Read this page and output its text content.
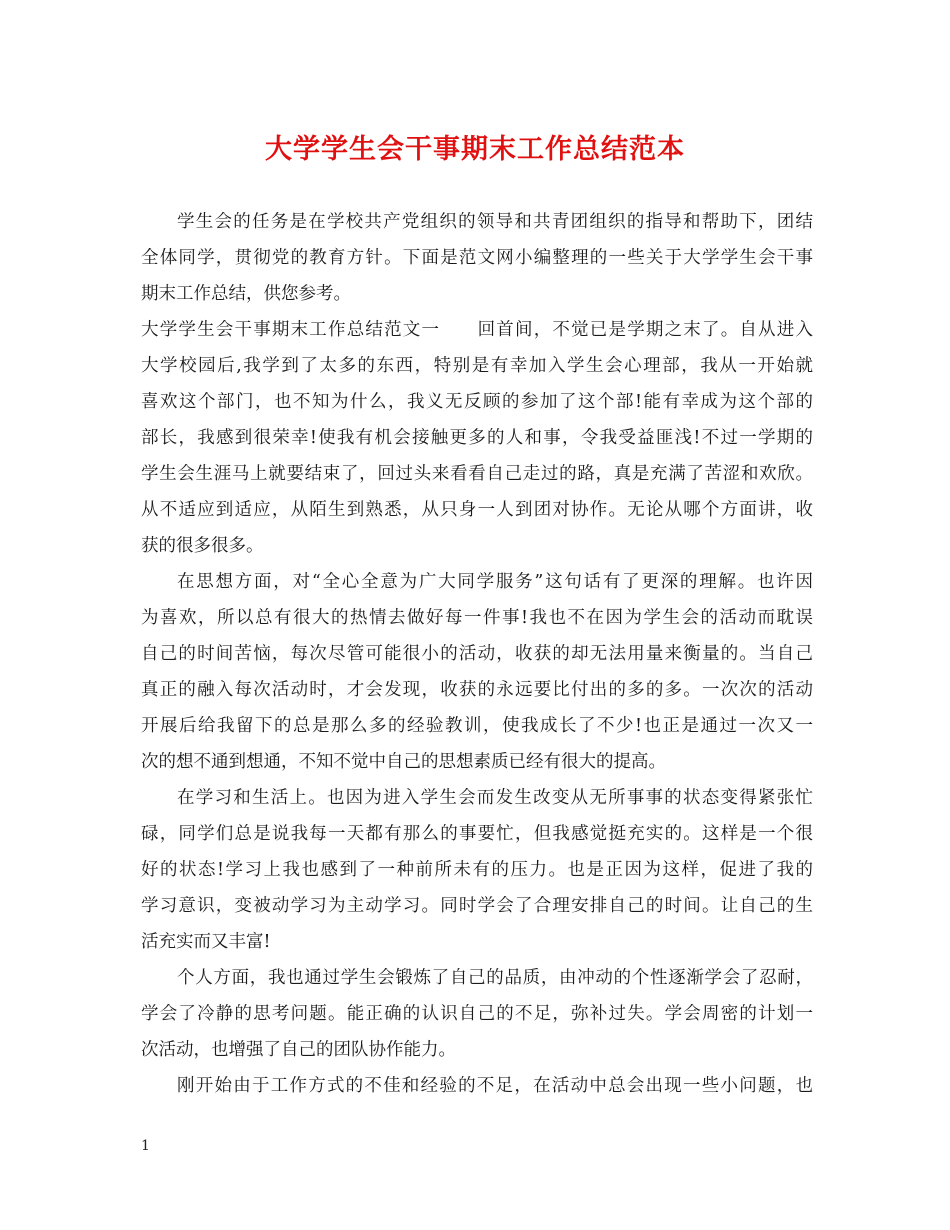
大学学生会干事期末工作总结范本
学生会的任务是在学校共产党组织的领导和共青团组织的指导和帮助下，团结
全体同学，贯彻党的教育方针。下面是范文网小编整理的一些关于大学学生会干事
期末工作总结，供您参考。
大学学生会干事期末工作总结范文一　　回首间，不觉已是学期之末了。自从进入
大学校园后,我学到了太多的东西，特别是有幸加入学生会心理部，我从一开始就
喜欢这个部门，也不知为什么，我义无反顾的参加了这个部!能有幸成为这个部的
部长，我感到很荣幸!使我有机会接触更多的人和事，令我受益匪浅!不过一学期的
学生会生涯马上就要结束了，回过头来看看自己走过的路，真是充满了苦涩和欢欣。
从不适应到适应，从陌生到熟悉，从只身一人到团对协作。无论从哪个方面讲，收
获的很多很多。
在思想方面，对“全心全意为广大同学服务”这句话有了更深的理解。也许因
为喜欢，所以总有很大的热情去做好每一件事!我也不在因为学生会的活动而耽误
自己的时间苦恼，每次尽管可能很小的活动，收获的却无法用量来衡量的。当自己
真正的融入每次活动时，才会发现，收获的永远要比付出的多的多。一次次的活动
开展后给我留下的总是那么多的经验教训，使我成长了不少!也正是通过一次又一
次的想不通到想通，不知不觉中自己的思想素质已经有很大的提高。
在学习和生活上。也因为进入学生会而发生改变从无所事事的状态变得紧张忙
碌，同学们总是说我每一天都有那么的事要忙，但我感觉挺充实的。这样是一个很
好的状态!学习上我也感到了一种前所未有的压力。也是正因为这样，促进了我的
学习意识，变被动学习为主动学习。同时学会了合理安排自己的时间。让自己的生
活充实而又丰富!
个人方面，我也通过学生会锻炼了自己的品质，由冲动的个性逐渐学会了忍耐，
学会了冷静的思考问题。能正确的认识自己的不足，弥补过失。学会周密的计划一
次活动，也增强了自己的团队协作能力。
刚开始由于工作方式的不佳和经验的不足，在活动中总会出现一些小问题，也
1
